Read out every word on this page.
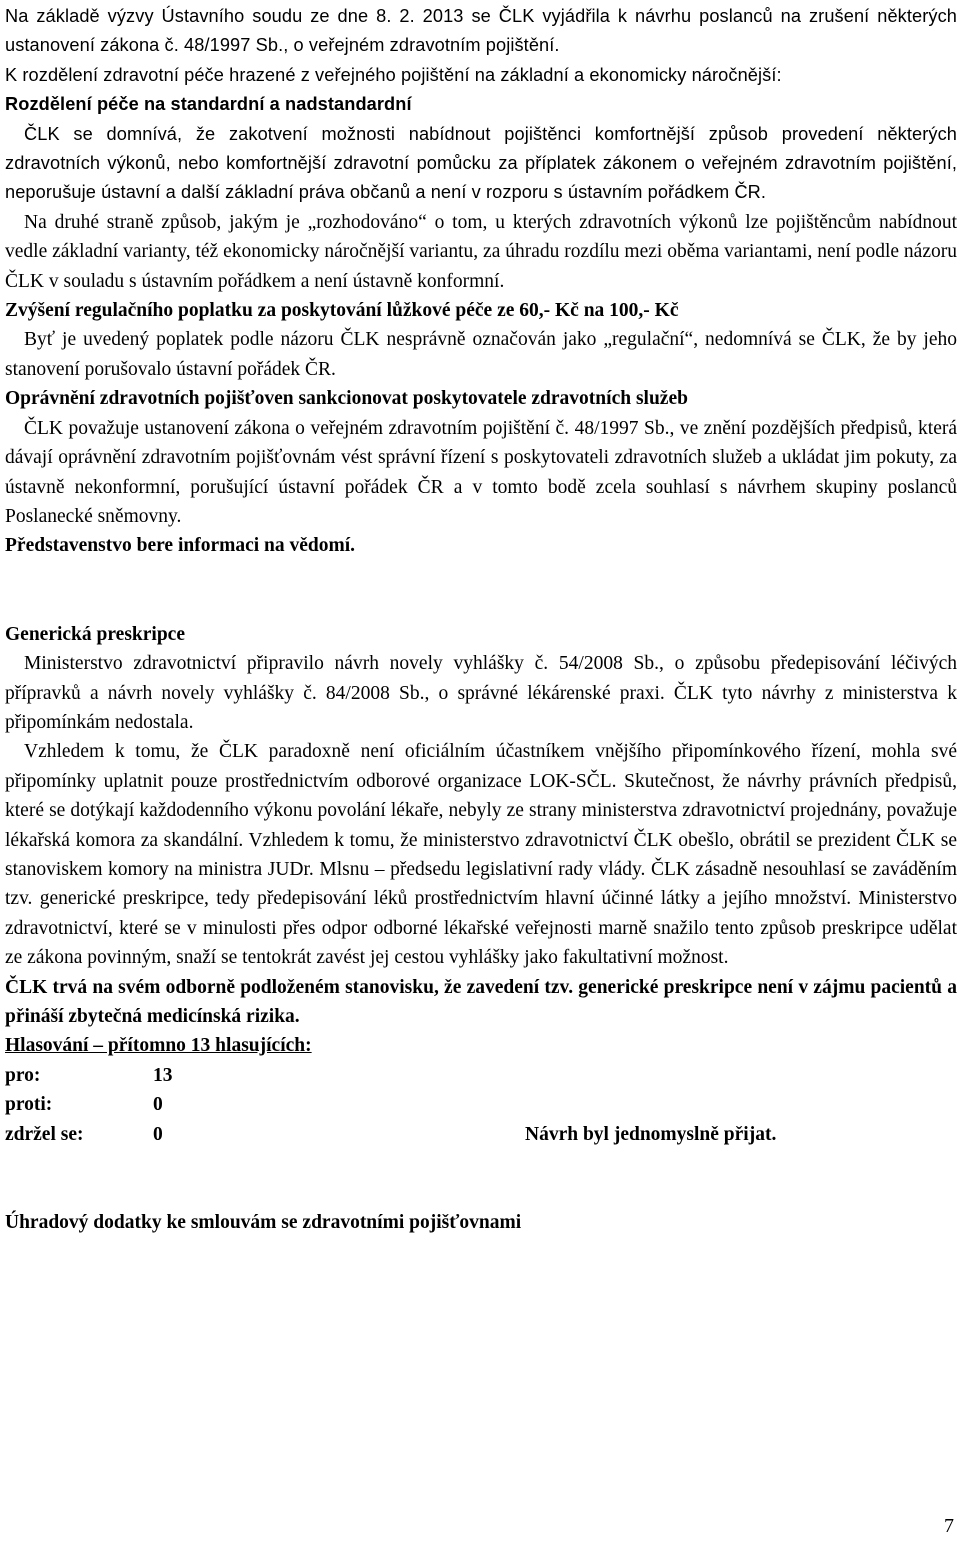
Na základě výzvy Ústavního soudu ze dne 8. 2. 2013 se ČLK vyjádřila k návrhu poslanců na zrušení některých ustanovení zákona č. 48/1997 Sb., o veřejném zdravotním pojištění.

K rozdělení zdravotní péče hrazené z veřejného pojištění na základní a ekonomicky náročnější:

Rozdělení péče na standardní a nadstandardní

ČLK se domnívá, že zakotvení možnosti nabídnout pojištěnci komfortnější způsob provedení některých zdravotních výkonů, nebo komfortnější zdravotní pomůcku za příplatek zákonem o veřejném zdravotním pojištění, neporušuje ústavní a další základní práva občanů a není v rozporu s ústavním pořádkem ČR.

Na druhé straně způsob, jakým je „rozhodováno“ o tom, u kterých zdravotních výkonů lze pojištěncům nabídnout vedle základní varianty, též ekonomicky náročnější variantu, za úhradu rozdílu mezi oběma variantami, není podle názoru ČLK v souladu s ústavním pořádkem a není ústavně konformní.

Zvýšení regulačního poplatku za poskytování lůžkové péče ze 60,- Kč na 100,- Kč

Byť je uvedený poplatek podle názoru ČLK nesprávně označován jako „regulační“, nedomnívá se ČLK, že by jeho stanovení porušovalo ústavní pořádek ČR.

Oprávnění zdravotních pojišťoven sankcionovat poskytovatele zdravotních služeb

ČLK považuje ustanovení zákona o veřejném zdravotním pojištění č. 48/1997 Sb., ve znění pozdějších předpisů, která dávají oprávnění zdravotním pojišťovnám vést správní řízení s poskytovateli zdravotních služeb a ukládat jim pokuty, za ústavně nekonformní, porušující ústavní pořádek ČR a v tomto bodě zcela souhlasí s návrhem skupiny poslanců Poslanecké sněmovny.

Představenstvo bere informaci na vědomí.

Generická preskripce

Ministerstvo zdravotnictví připravilo návrh novely vyhlášky č. 54/2008 Sb., o způsobu předepisování léčivých přípravků a návrh novely vyhlášky č. 84/2008 Sb., o správné lékárenské praxi. ČLK tyto návrhy z ministerstva k připomínkám nedostala.

Vzhledem k tomu, že ČLK paradoxně není oficiálním účastníkem vnějšího připomínkového řízení, mohla své připomínky uplatnit pouze prostřednictvím odborové organizace LOK-SČL. Skutečnost, že návrhy právních předpisů, které se dotýkají každodenního výkonu povolání lékaře, nebyly ze strany ministerstva zdravotnictví projednány, považuje lékařská komora za skandální. Vzhledem k tomu, že ministerstvo zdravotnictví ČLK obešlo, obrátil se prezident ČLK se stanoviskem komory na ministra JUDr. Mlsnu – předsedu legislativní rady vlády. ČLK zásadně nesouhlasí se zaváděním tzv. generické preskripce, tedy předepisování léků prostřednictvím hlavní účinné látky a jejího množství. Ministerstvo zdravotnictví, které se v minulosti přes odpor odborné lékařské veřejnosti marně snažilo tento způsob preskripce udělat ze zákona povinným, snaží se tentokrát zavést jej cestou vyhlášky jako fakultativní možnost.

ČLK trvá na svém odborně podloženém stanovisku, že zavedení tzv. generické preskripce není v zájmu pacientů a přináší zbytečná medicínská rizika.

Hlasování – přítomno 13 hlasujících:

pro:	13
proti:	0
zdržel se:	0	Návrh byl jednomyslně přijat.

Úhradový dodatky ke smlouvám se zdravotními pojišťovnami

7
